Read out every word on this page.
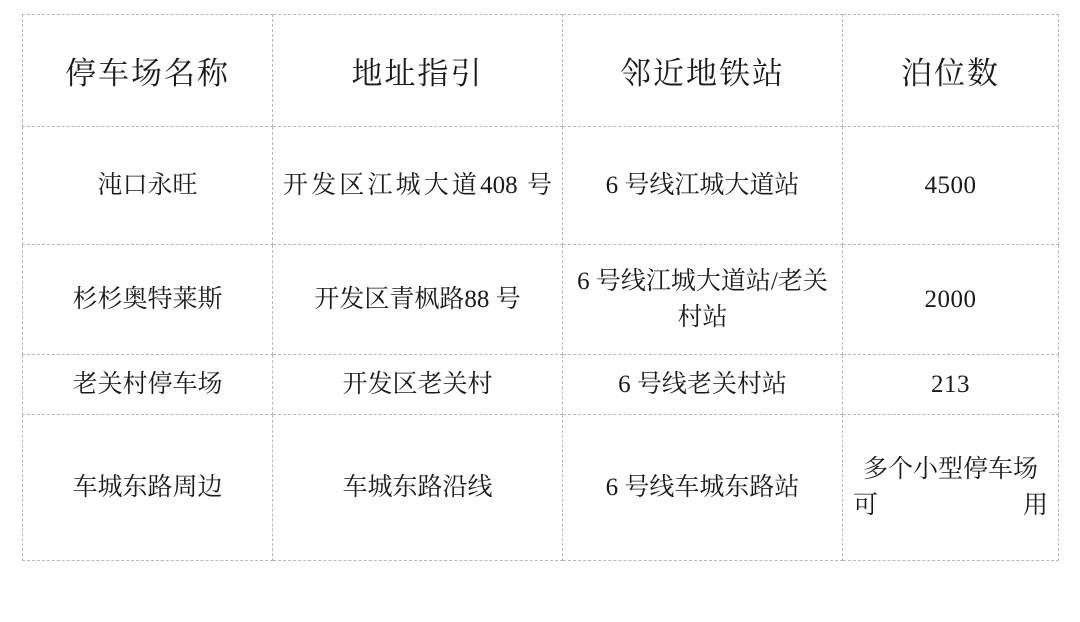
停车场名称	地址指引	邻近地铁站	泊位数

沌口永旺	开发区江城大道408 号	6 号线江城大道站	4500

杉杉奥特莱斯	开发区青枫路88 号	6 号线江城大道站/老关村站	2000

老关村停车场	开发区老关村	6 号线老关村站	213

车城东路周边	车城东路沿线	6 号线车城东路站	多个小型停车场可用
